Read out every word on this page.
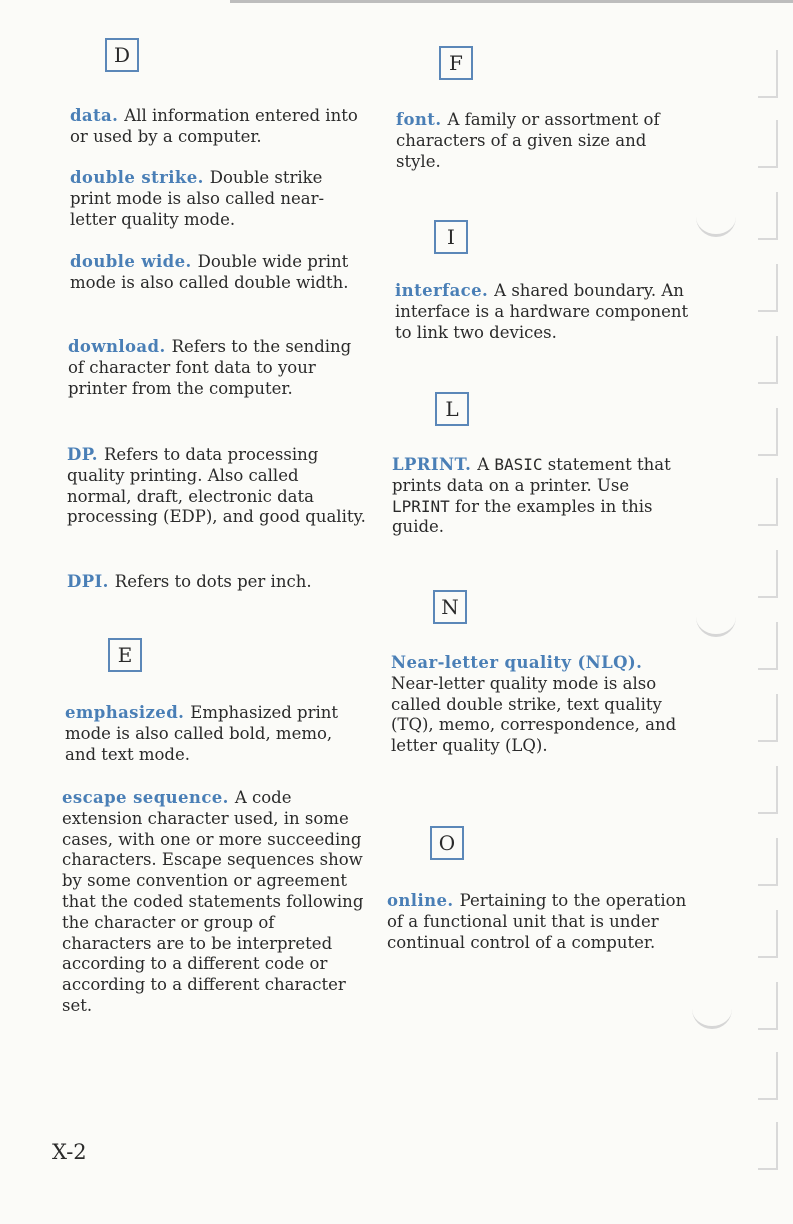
D
data. All information entered into or used by a computer.
double strike. Double strike print mode is also called near-letter quality mode.
double wide. Double wide print mode is also called double width.
download. Refers to the sending of character font data to your printer from the computer.
DP. Refers to data processing quality printing. Also called normal, draft, electronic data processing (EDP), and good quality.
DPI. Refers to dots per inch.
E
emphasized. Emphasized print mode is also called bold, memo, and text mode.
escape sequence. A code extension character used, in some cases, with one or more succeeding characters. Escape sequences show by some convention or agreement that the coded statements following the character or group of characters are to be interpreted according to a different code or according to a different character set.
F
font. A family or assortment of characters of a given size and style.
I
interface. A shared boundary. An interface is a hardware component to link two devices.
L
LPRINT. A BASIC statement that prints data on a printer. Use LPRINT for the examples in this guide.
N
Near-letter quality (NLQ).
Near-letter quality mode is also called double strike, text quality (TQ), memo, correspondence, and letter quality (LQ).
O
online. Pertaining to the operation of a functional unit that is under continual control of a computer.
X-2
